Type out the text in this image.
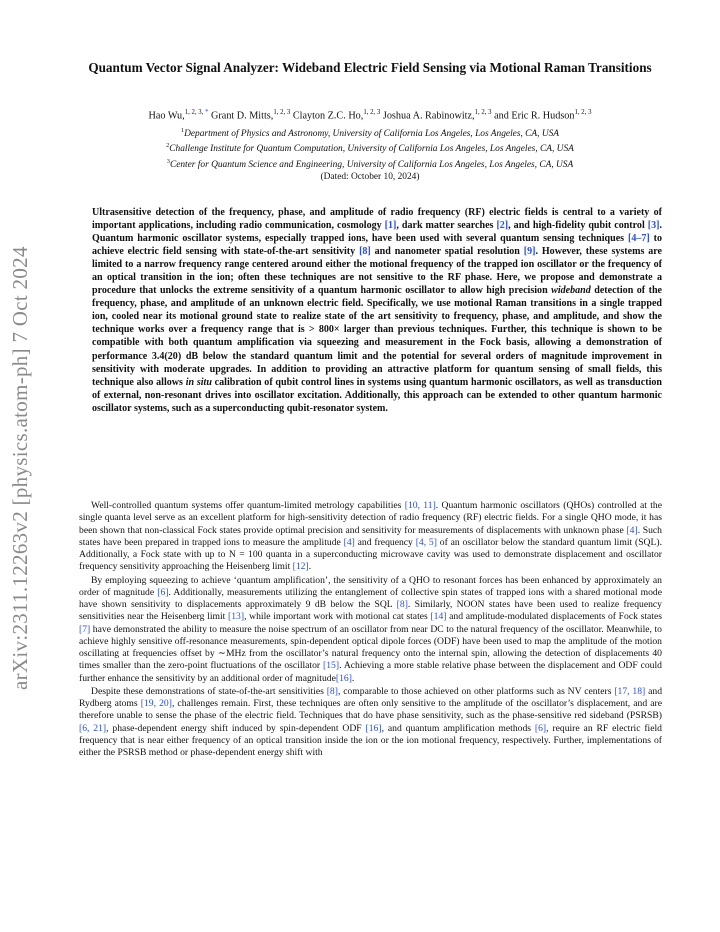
arXiv:2311.12263v2 [physics.atom-ph] 7 Oct 2024
Quantum Vector Signal Analyzer: Wideband Electric Field Sensing via Motional Raman Transitions
Hao Wu,$^{1, 2, 3, *}$ Grant D. Mitts,$^{1, 2, 3}$ Clayton Z.C. Ho,$^{1, 2, 3}$ Joshua A. Rabinowitz,$^{1, 2, 3}$ and Eric R. Hudson$^{1, 2, 3}$
$^1$Department of Physics and Astronomy, University of California Los Angeles, Los Angeles, CA, USA
$^2$Challenge Institute for Quantum Computation, University of California Los Angeles, Los Angeles, CA, USA
$^3$Center for Quantum Science and Engineering, University of California Los Angeles, Los Angeles, CA, USA
(Dated: October 10, 2024)
Ultrasensitive detection of the frequency, phase, and amplitude of radio frequency (RF) electric fields is central to a variety of important applications, including radio communication, cosmology [1], dark matter searches [2], and high-fidelity qubit control [3]. Quantum harmonic oscillator systems, especially trapped ions, have been used with several quantum sensing techniques [4–7] to achieve electric field sensing with state-of-the-art sensitivity [8] and nanometer spatial resolution [9]. However, these systems are limited to a narrow frequency range centered around either the motional frequency of the trapped ion oscillator or the frequency of an optical transition in the ion; often these techniques are not sensitive to the RF phase. Here, we propose and demonstrate a procedure that unlocks the extreme sensitivity of a quantum harmonic oscillator to allow high precision wideband detection of the frequency, phase, and amplitude of an unknown electric field. Specifically, we use motional Raman transitions in a single trapped ion, cooled near its motional ground state to realize state of the art sensitivity to frequency, phase, and amplitude, and show the technique works over a frequency range that is > 800× larger than previous techniques. Further, this technique is shown to be compatible with both quantum amplification via squeezing and measurement in the Fock basis, allowing a demonstration of performance 3.4(20) dB below the standard quantum limit and the potential for several orders of magnitude improvement in sensitivity with moderate upgrades. In addition to providing an attractive platform for quantum sensing of small fields, this technique also allows in situ calibration of qubit control lines in systems using quantum harmonic oscillators, as well as transduction of external, non-resonant drives into oscillator excitation. Additionally, this approach can be extended to other quantum harmonic oscillator systems, such as a superconducting qubit-resonator system.

Well-controlled quantum systems offer quantum-limited metrology capabilities [10, 11]. Quantum harmonic oscillators (QHOs) controlled at the single quanta level serve as an excellent platform for high-sensitivity detection of radio frequency (RF) electric fields. For a single QHO mode, it has been shown that non-classical Fock states provide optimal precision and sensitivity for measurements of displacements with unknown phase [4]. Such states have been prepared in trapped ions to measure the amplitude [4] and frequency [4, 5] of an oscillator below the standard quantum limit (SQL). Additionally, a Fock state with up to N = 100 quanta in a superconducting microwave cavity was used to demonstrate displacement and oscillator frequency sensitivity approaching the Heisenberg limit [12].

By employing squeezing to achieve ‘quantum amplification’, the sensitivity of a QHO to resonant forces has been enhanced by approximately an order of magnitude [6]. Additionally, measurements utilizing the entanglement of collective spin states of trapped ions with a shared motional mode have shown sensitivity to displacements approximately 9 dB below the SQL [8]. Similarly, NOON states have been used to realize frequency sensitivities near the Heisenberg limit [13], while important work with motional cat states [14] and amplitude-modulated displacements of Fock states [7] have demonstrated the ability to measure the noise spectrum of an oscillator from near DC to the natural frequency of the oscillator. Meanwhile, to achieve highly sensitive off-resonance measurements, spin-dependent optical dipole forces (ODF) have been used to map the amplitude of the motion oscillating at frequencies offset by ∼MHz from the oscillator’s natural frequency onto the internal spin, allowing the detection of displacements 40 times smaller than the zero-point fluctuations of the oscillator [15]. Achieving a more stable relative phase between the displacement and ODF could further enhance the sensitivity by an additional order of magnitude[16].

Despite these demonstrations of state-of-the-art sensitivities [8], comparable to those achieved on other platforms such as NV centers [17, 18] and Rydberg atoms [19, 20], challenges remain. First, these techniques are often only sensitive to the amplitude of the oscillator’s displacement, and are therefore unable to sense the phase of the electric field. Techniques that do have phase sensitivity, such as the phase-sensitive red sideband (PSRSB) [6, 21], phase-dependent energy shift induced by spin-dependent ODF [16], and quantum amplification methods [6], require an RF electric field frequency that is near either frequency of an optical transition inside the ion or the ion motional frequency, respectively. Further, implementations of either the PSRSB method or phase-dependent energy shift with
